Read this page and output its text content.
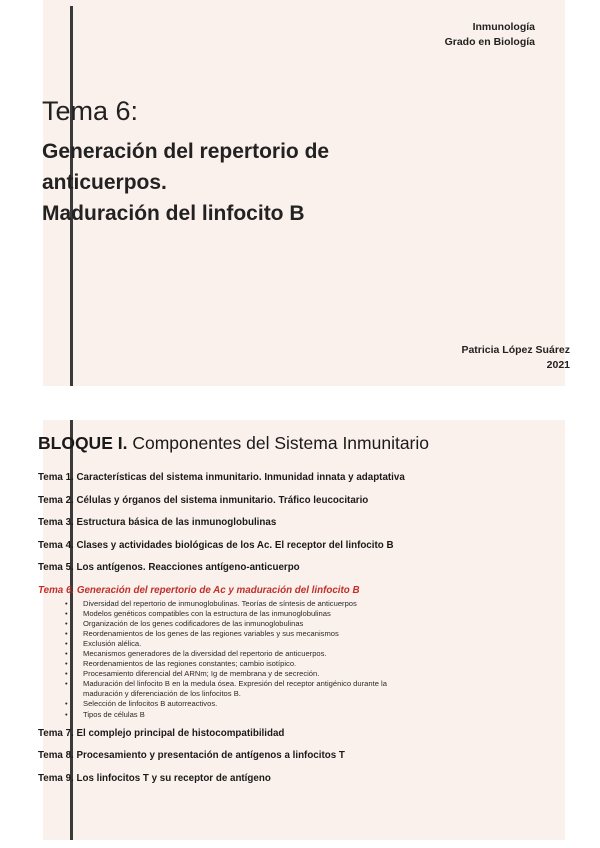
Inmunología
Grado en Biología
Tema 6:
Generación del repertorio de
anticuerpos.
Maduración del linfocito B
Patricia López Suárez
2021
BLOQUE I. Componentes del Sistema Inmunitario
Tema 1. Características del sistema inmunitario. Inmunidad innata y adaptativa
Tema 2. Células y órganos del sistema inmunitario. Tráfico leucocitario
Tema 3. Estructura básica de las inmunoglobulinas
Tema 4. Clases y actividades biológicas de los Ac. El receptor del linfocito B
Tema 5. Los antígenos. Reacciones antígeno-anticuerpo
Tema 6. Generación del repertorio de Ac y maduración del linfocito B
• Diversidad del repertorio de inmunoglobulinas. Teorías de síntesis de anticuerpos
• Modelos genéticos compatibles con la estructura de las inmunoglobulinas
• Organización de los genes codificadores de las inmunoglobulinas
• Reordenamientos de los genes de las regiones variables y sus mecanismos
• Exclusión alélica.
• Mecanismos generadores de la diversidad del repertorio de anticuerpos.
• Reordenamientos de las regiones constantes; cambio isotípico.
• Procesamiento diferencial del ARNm; Ig de membrana y de secreción.
• Maduración del linfocito B en la medula ósea. Expresión del receptor antigénico durante la
maduración y diferenciación de los linfocitos B.
• Selección de linfocitos B autorreactivos.
• Tipos de células B
Tema 7. El complejo principal de histocompatibilidad
Tema 8. Procesamiento y presentación de antígenos a linfocitos T
Tema 9. Los linfocitos T y su receptor de antígeno
